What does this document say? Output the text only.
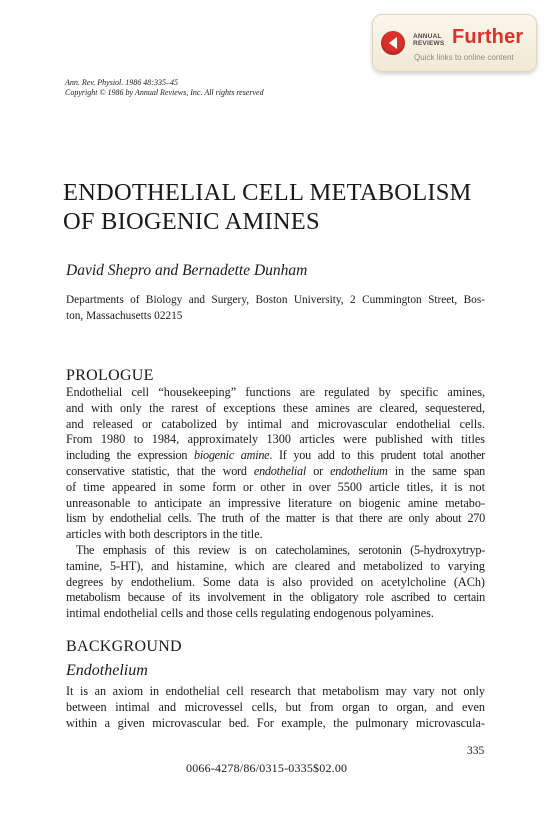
ANNUAL
REVIEWS Further
Quick links to online content
Ann. Rev. Physiol. 1986 48:335–45
Copyright © 1986 by Annual Reviews, Inc. All rights reserved
ENDOTHELIAL CELL METABOLISM
OF BIOGENIC AMINES
David Shepro and Bernadette Dunham
Departments of Biology and Surgery, Boston University, 2 Cummington Street, Bos-
ton, Massachusetts 02215
PROLOGUE
Endothelial cell “housekeeping” functions are regulated by specific amines,
and with only the rarest of exceptions these amines are cleared, sequestered,
and released or catabolized by intimal and microvascular endothelial cells.
From 1980 to 1984, approximately 1300 articles were published with titles
including the expression biogenic amine. If you add to this prudent total another
conservative statistic, that the word endothelial or endothelium in the same span
of time appeared in some form or other in over 5500 article titles, it is not
unreasonable to anticipate an impressive literature on biogenic amine metabo-
lism by endothelial cells. The truth of the matter is that there are only about 270
articles with both descriptors in the title.
The emphasis of this review is on catecholamines, serotonin (5-hydroxytryp-
tamine, 5-HT), and histamine, which are cleared and metabolized to varying
degrees by endothelium. Some data is also provided on acetylcholine (ACh)
metabolism because of its involvement in the obligatory role ascribed to certain
intimal endothelial cells and those cells regulating endogenous polyamines.
BACKGROUND
Endothelium
It is an axiom in endothelial cell research that metabolism may vary not only
between intimal and microvessel cells, but from organ to organ, and even
within a given microvascular bed. For example, the pulmonary microvascula-
335
0066-4278/86/0315-0335$02.00
